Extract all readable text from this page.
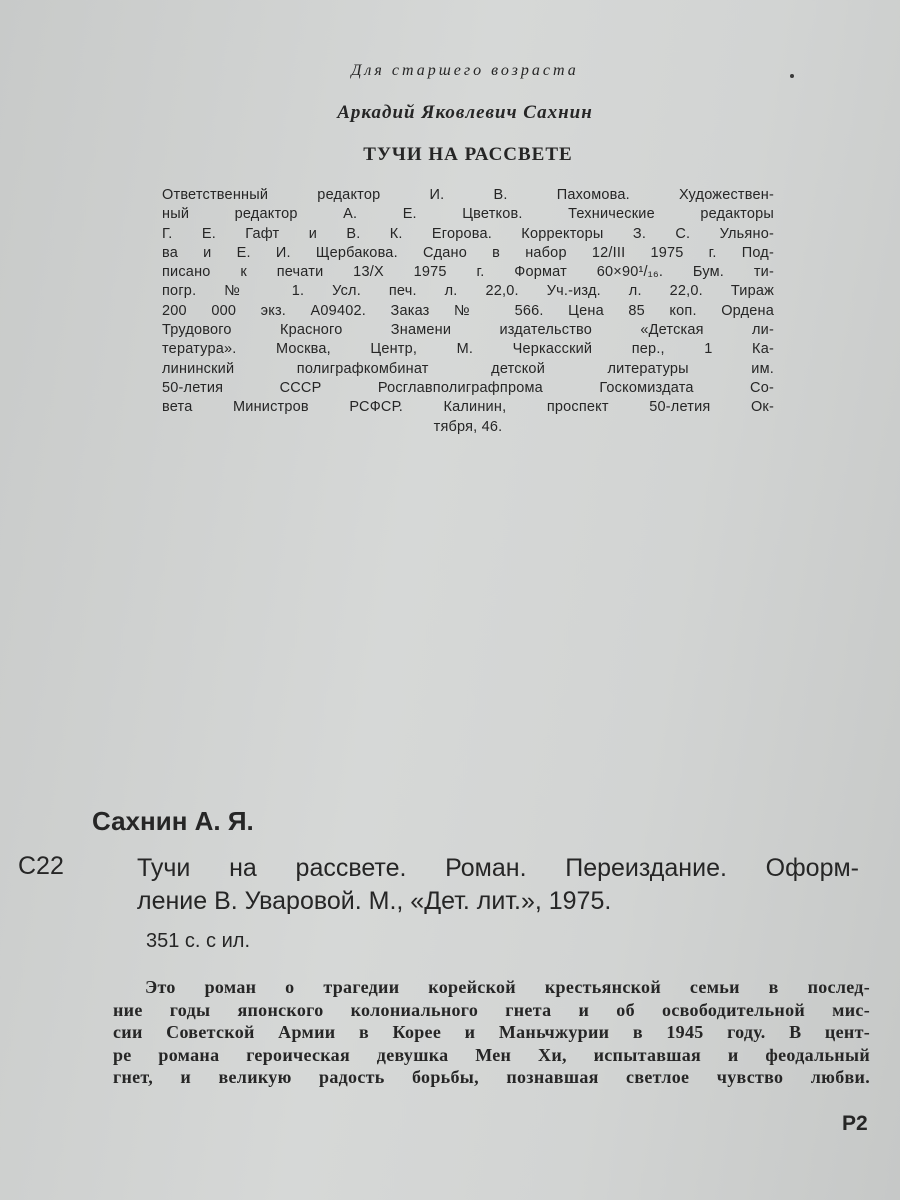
Для старшего возраста

Аркадий Яковлевич Сахнин

ТУЧИ НА РАССВЕТЕ

Ответственный редактор И. В. Пахомова. Художествен-
ный редактор А. Е. Цветков. Технические редакторы
Г. Е. Гафт и В. К. Егорова. Корректоры З. С. Ульяно-
ва и Е. И. Щербакова. Сдано в набор 12/III 1975 г. Под-
писано к печати 13/X 1975 г. Формат 60×90¹/₁₆. Бум. ти-
погр. № 1. Усл. печ. л. 22,0. Уч.-изд. л. 22,0. Тираж
200 000 экз. А09402. Заказ № 566. Цена 85 коп. Ордена
Трудового Красного Знамени издательство «Детская ли-
тература». Москва, Центр, М. Черкасский пер., 1 Ка-
лининский полиграфкомбинат детской литературы им.
50-летия СССР Росглавполиграфпрома Госкомиздата Со-
вета Министров РСФСР. Калинин, проспект 50-летия Ок-
тября, 46.

Сахнин А. Я.

С22	Тучи на рассвете. Роман. Переиздание. Оформ-
ление В. Уваровой. М., «Дет. лит.», 1975.

351 с. с ил.

Это роман о трагедии корейской крестьянской семьи в послед-
ние годы японского колониального гнета и об освободительной мис-
сии Советской Армии в Корее и Маньчжурии в 1945 году. В цент-
ре романа героическая девушка Мен Хи, испытавшая и феодальный
гнет, и великую радость борьбы, познавшая светлое чувство любви.

Р2
